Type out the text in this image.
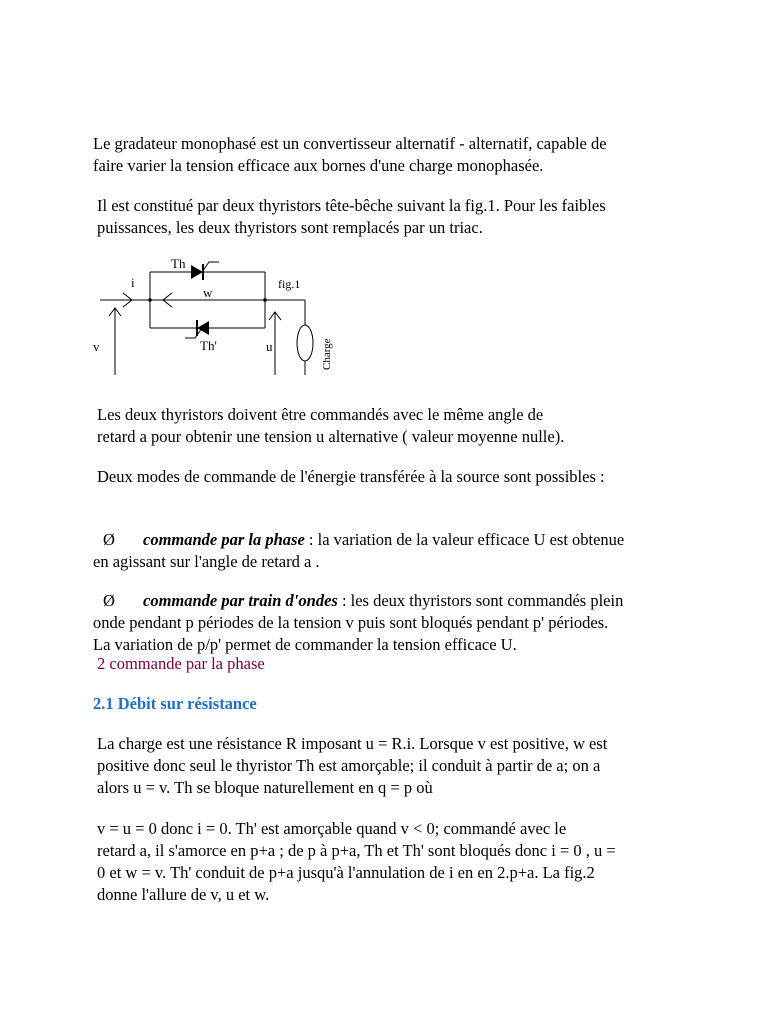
Le gradateur monophasé est un convertisseur alternatif - alternatif, capable de
faire varier la tension efficace aux bornes d'une charge monophasée.

Il est constitué par deux thyristors tête-bêche suivant la fig.1. Pour les faibles
puissances, les deux thyristors sont remplacés par un triac.

Th
Th'
i
w
v	u
fig.1
Charge

Les deux thyristors doivent être commandés avec le même angle de
retard a pour obtenir une tension u alternative ( valeur moyenne nulle).

Deux modes de commande de l'énergie transférée à la source sont possibles :

Ø commande par la phase : la variation de la valeur efficace U est obtenue

en agissant sur l'angle de retard a .

Ø commande par train d'ondes : les deux thyristors sont commandés plein

onde pendant p périodes de la tension v puis sont bloqués pendant p' périodes.
La variation de p/p' permet de commander la tension efficace U.

2 commande par la phase

2.1 Débit sur résistance

La charge est une résistance R imposant u = R.i. Lorsque v est positive, w est
positive donc seul le thyristor Th est amorçable; il conduit à partir de a; on a
alors u = v. Th se bloque naturellement en q = p où

v = u = 0 donc i = 0. Th' est amorçable quand v < 0; commandé avec le
retard a, il s'amorce en p+a ; de p à p+a, Th et Th' sont bloqués donc i = 0 , u =
0 et w = v. Th' conduit de p+a jusqu'à l'annulation de i en en 2.p+a. La fig.2
donne l'allure de v, u et w.
